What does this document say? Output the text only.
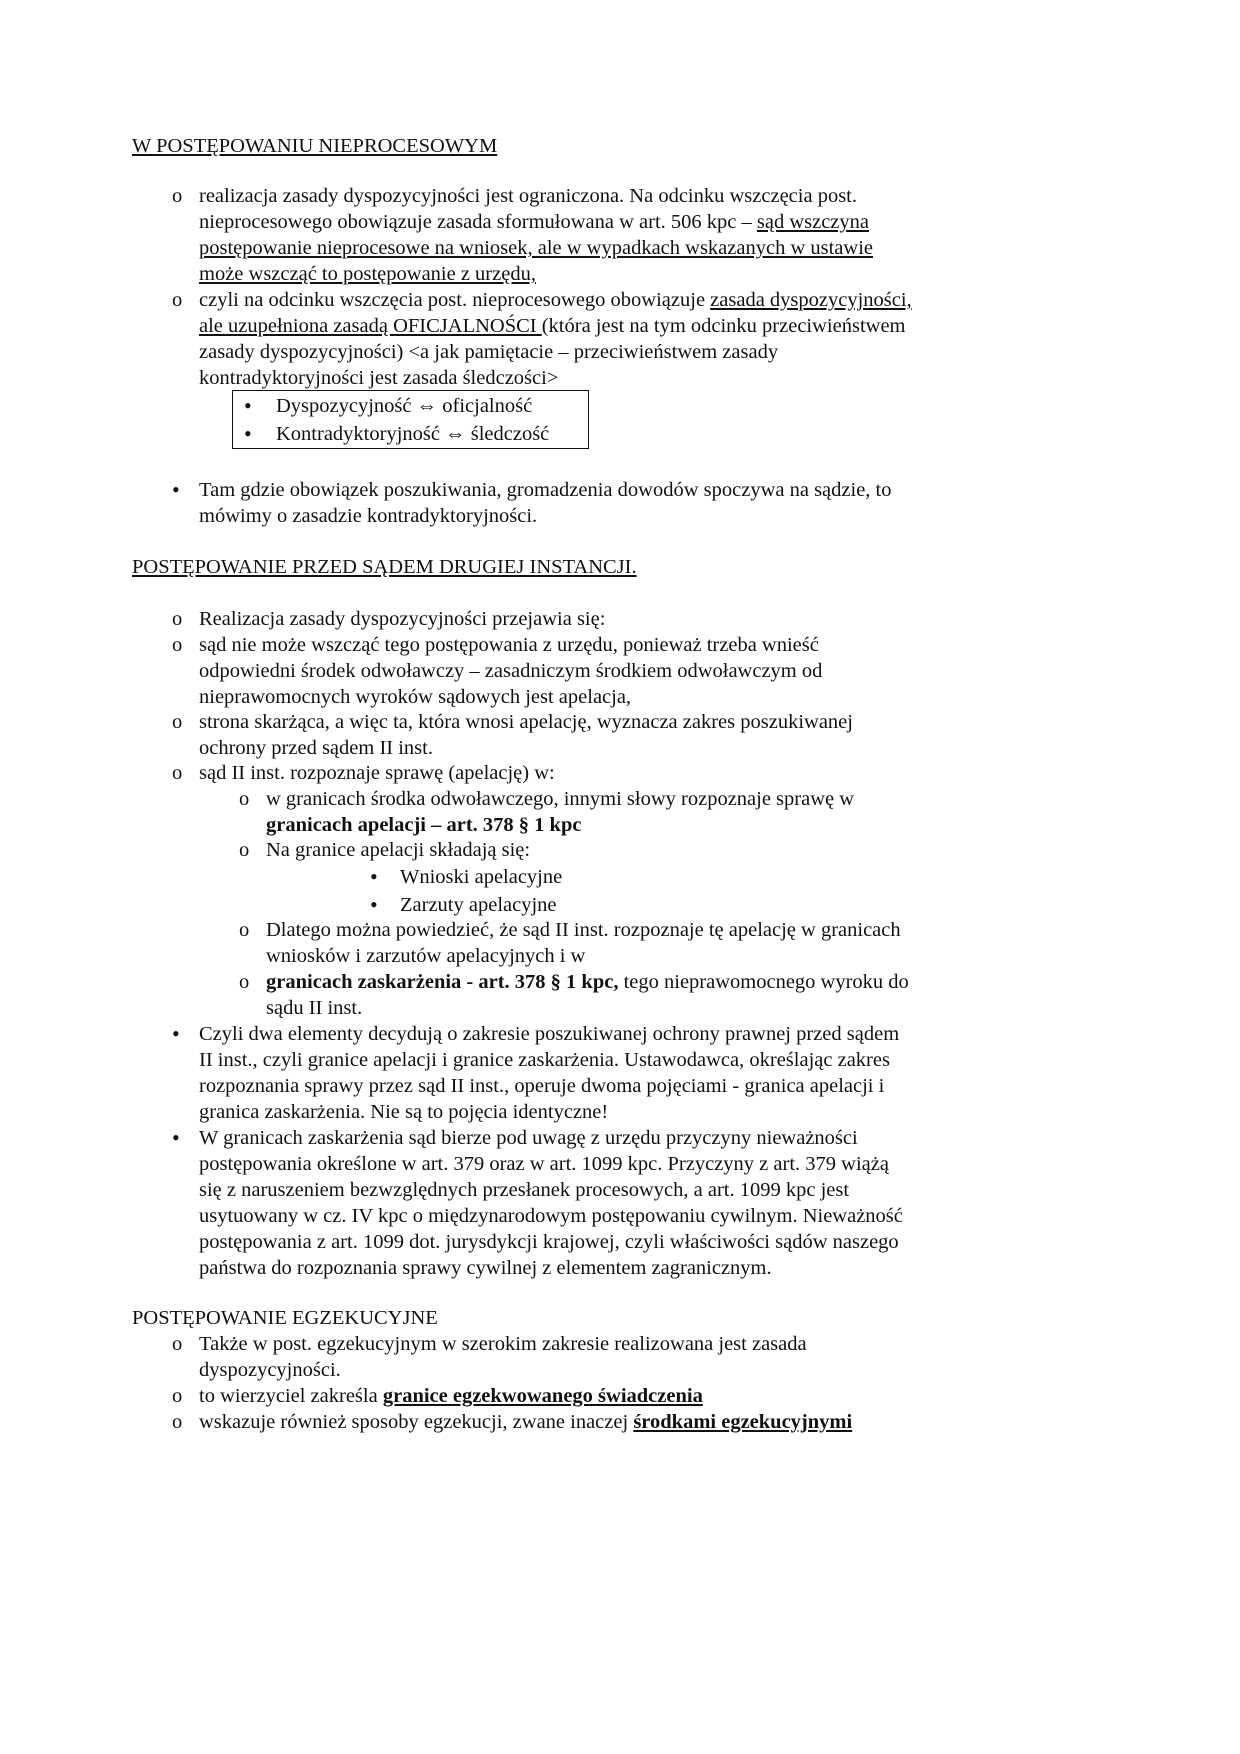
W POSTĘPOWANIU NIEPROCESOWYM
o realizacja zasady dyspozycyjności jest ograniczona. Na odcinku wszczęcia post.
nieprocesowego obowiązuje zasada sformułowana w art. 506 kpc – sąd wszczyna
postępowanie nieprocesowe na wniosek, ale w wypadkach wskazanych w ustawie
może wszcząć to postępowanie z urzędu,
o czyli na odcinku wszczęcia post. nieprocesowego obowiązuje zasada dyspozycyjności,
ale uzupełniona zasadą OFICJALNOŚCI (która jest na tym odcinku przeciwieństwem
zasady dyspozycyjności) <a jak pamiętacie – przeciwieństwem zasady
kontradyktoryjności jest zasada śledczości>
• Dyspozycyjność ⇔ oficjalność
• Kontradyktoryjność ⇔ śledczość
• Tam gdzie obowiązek poszukiwania, gromadzenia dowodów spoczywa na sądzie, to
mówimy o zasadzie kontradyktoryjności.
POSTĘPOWANIE PRZED SĄDEM DRUGIEJ INSTANCJI.
o Realizacja zasady dyspozycyjności przejawia się:
o sąd nie może wszcząć tego postępowania z urzędu, ponieważ trzeba wnieść
odpowiedni środek odwoławczy – zasadniczym środkiem odwoławczym od
nieprawomocnych wyroków sądowych jest apelacja,
o strona skarżąca, a więc ta, która wnosi apelację, wyznacza zakres poszukiwanej
ochrony przed sądem II inst.
o sąd II inst. rozpoznaje sprawę (apelację) w:
o w granicach środka odwoławczego, innymi słowy rozpoznaje sprawę w
granicach apelacji – art. 378 § 1 kpc
o Na granice apelacji składają się:
• Wnioski apelacyjne
• Zarzuty apelacyjne
o Dlatego można powiedzieć, że sąd II inst. rozpoznaje tę apelację w granicach
wniosków i zarzutów apelacyjnych i w
o granicach zaskarżenia - art. 378 § 1 kpc, tego nieprawomocnego wyroku do
sądu II inst.
• Czyli dwa elementy decydują o zakresie poszukiwanej ochrony prawnej przed sądem
II inst., czyli granice apelacji i granice zaskarżenia. Ustawodawca, określając zakres
rozpoznania sprawy przez sąd II inst., operuje dwoma pojęciami - granica apelacji i
granica zaskarżenia. Nie są to pojęcia identyczne!
• W granicach zaskarżenia sąd bierze pod uwagę z urzędu przyczyny nieważności
postępowania określone w art. 379 oraz w art. 1099 kpc. Przyczyny z art. 379 wiążą
się z naruszeniem bezwzględnych przesłanek procesowych, a art. 1099 kpc jest
usytuowany w cz. IV kpc o międzynarodowym postępowaniu cywilnym. Nieważność
postępowania z art. 1099 dot. jurysdykcji krajowej, czyli właściwości sądów naszego
państwa do rozpoznania sprawy cywilnej z elementem zagranicznym.
POSTĘPOWANIE EGZEKUCYJNE
o Także w post. egzekucyjnym w szerokim zakresie realizowana jest zasada
dyspozycyjności.
o to wierzyciel zakreśla granice egzekwowanego świadczenia
o wskazuje również sposoby egzekucji, zwane inaczej środkami egzekucyjnymi
